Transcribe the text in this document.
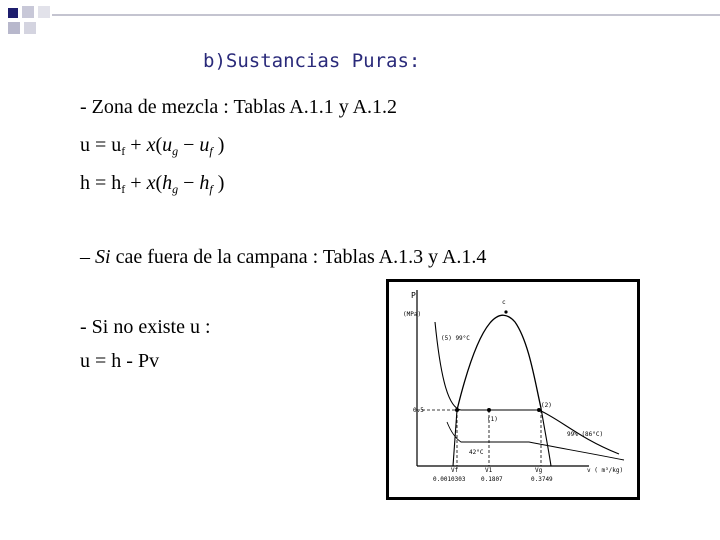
b)Sustancias Puras:
- Zona de mezcla : Tablas A.1.1 y A.1.2
$u = u_f + x(u_g - u_f$ )
$h = h_f + x(h_g - h_f$ )
– Si cae fuera de la campana : Tablas A.1.3 y A.1.4
- Si no existe u :
u = h - Pv
P
(MPa)
c
(5) 99°C
0.5
(1)
(2)
42°C
99% (86°C)
Vf	V1	Vg
0.0010303	0.1807	0.3749
v ( m³/kg)
